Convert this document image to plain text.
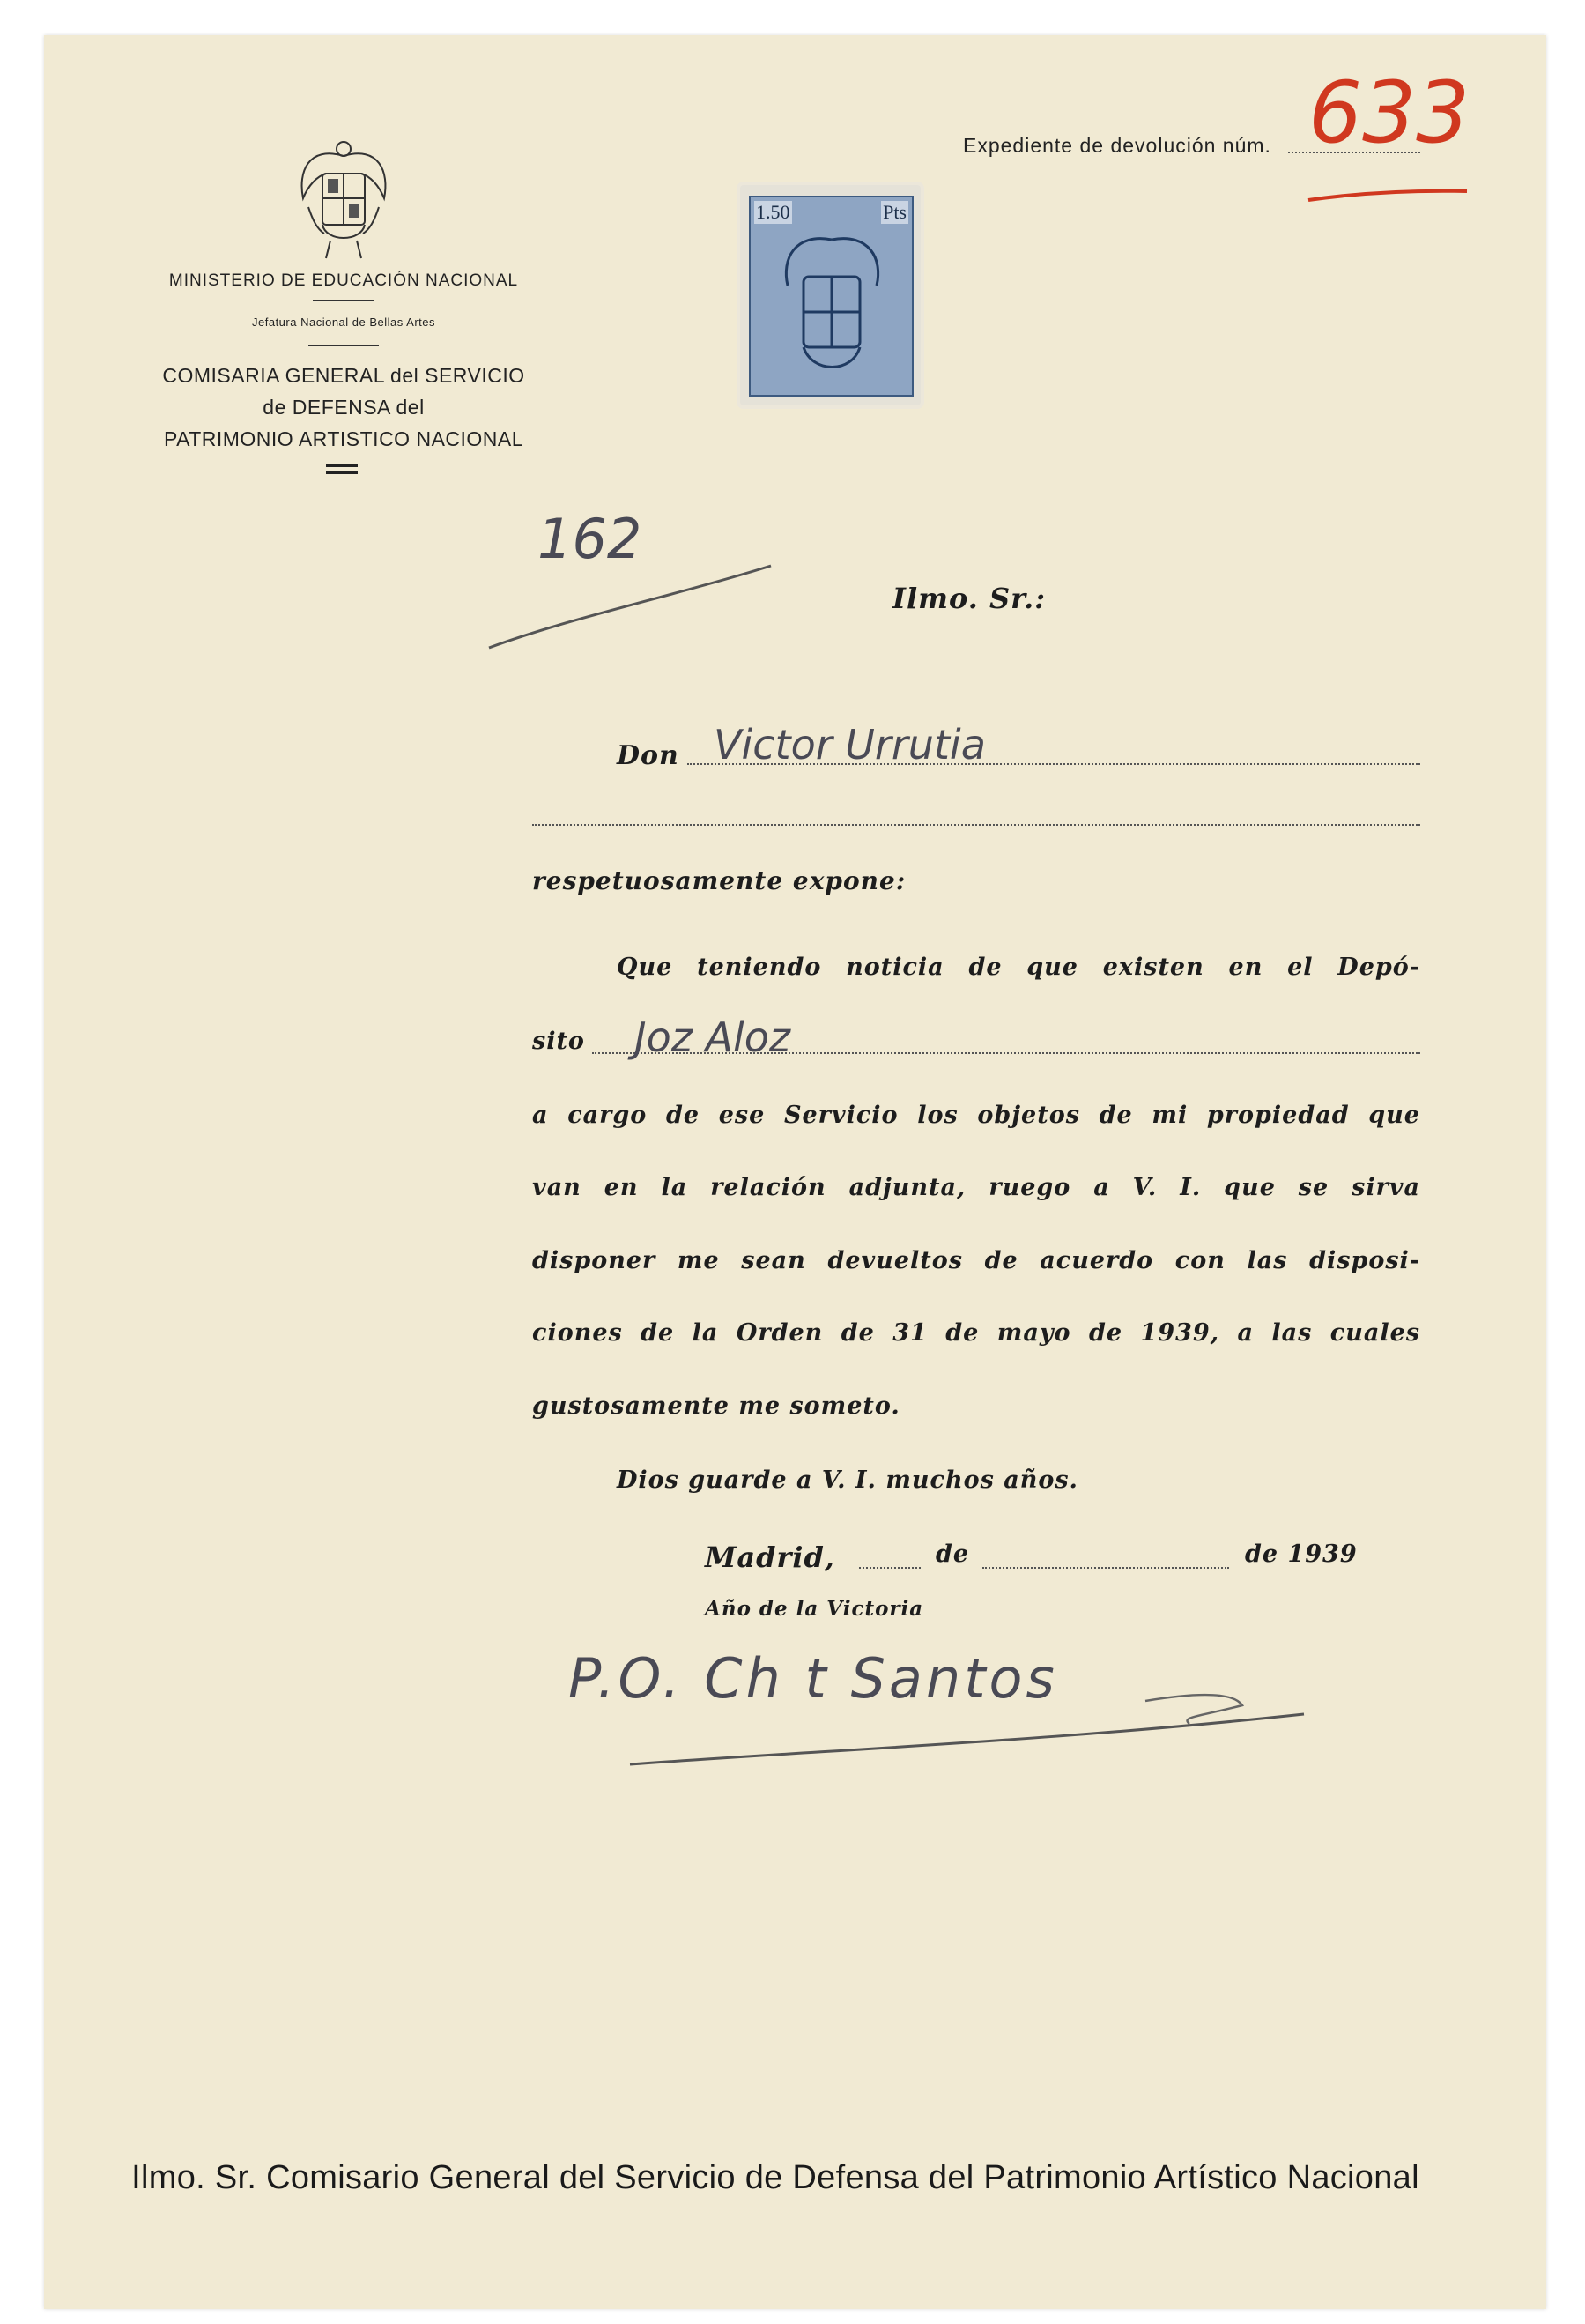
MINISTERIO DE EDUCACIÓN NACIONAL
Jefatura Nacional de Bellas Artes
COMISARIA GENERAL del SERVICIO
de DEFENSA del
PATRIMONIO ARTISTICO NACIONAL
Expediente de devolución núm. 633
1.50	Pts
162
Ilmo. Sr.:
Don Victor Urrutia
respetuosamente expone:
Que teniendo noticia de que existen en el Depó-
sito Joz Aloz
a cargo de ese Servicio los objetos de mi propiedad que
van en la relación adjunta, ruego a V. I. que se sirva
disponer me sean devueltos de acuerdo con las disposi-
ciones de la Orden de 31 de mayo de 1939, a las cuales
gustosamente me someto.
Dios guarde a V. I. muchos años.
Madrid,	de	de 1939
Año de la Victoria
P.O. Ch t Santos
Ilmo. Sr. Comisario General del Servicio de Defensa del Patrimonio Artístico Nacional
